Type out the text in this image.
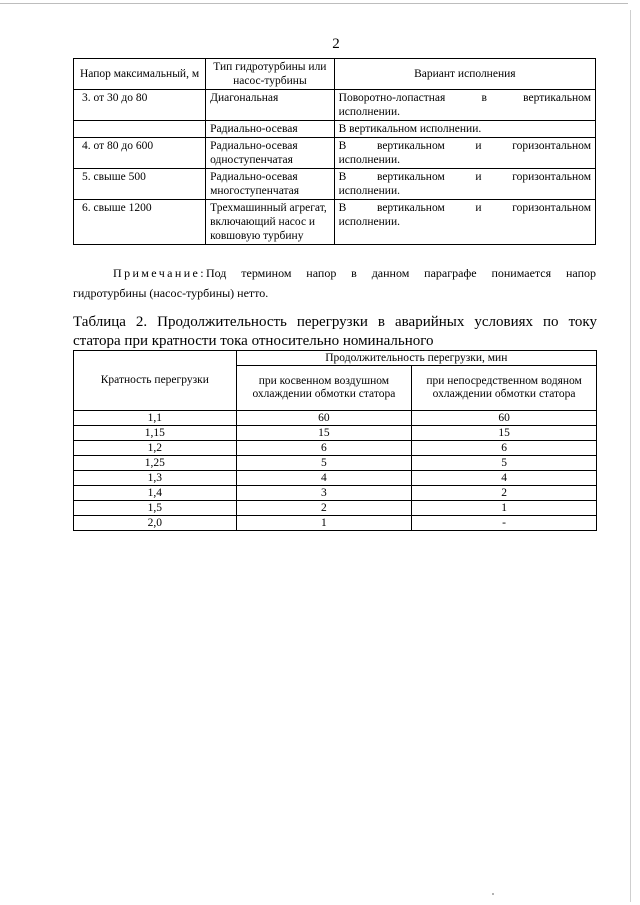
2
Напор максимальный, м	Тип гидротурбины или насос-турбины	Вариант исполнения
3. от 30 до 80	Диагональная	Поворотно-лопастная в вертикальном
исполнении.

	Радиально-осевая	В вертикальном исполнении.

4. от 80 до 600	Радиально-осевая одноступенчатая	В вертикальном и горизонтальном
исполнении.

5. свыше 500	Радиально-осевая многоступенчатая	В вертикальном и горизонтальном
исполнении.

6. свыше 1200	Трехмашинный агрегат, включающий насос и ковшовую турбину	В вертикальном и горизонтальном
исполнении.
Примечание:Под термином напор в данном параграфе понимается напор
гидротурбины (насос-турбины) нетто.
Таблица 2. Продолжительность перегрузки в аварийных условиях по току
статора при кратности тока относительно номинального
Кратность перегрузки	Продолжительность перегрузки, мин	
	при косвенном воздушном охлаждении обмотки статора	при непосредственном водяном охлаждении обмотки статора
1,1	60	60
1,15	15	15
1,2	6	6
1,25	5	5
1,3	4	4
1,4	3	2
1,5	2	1
2,0	1	-
